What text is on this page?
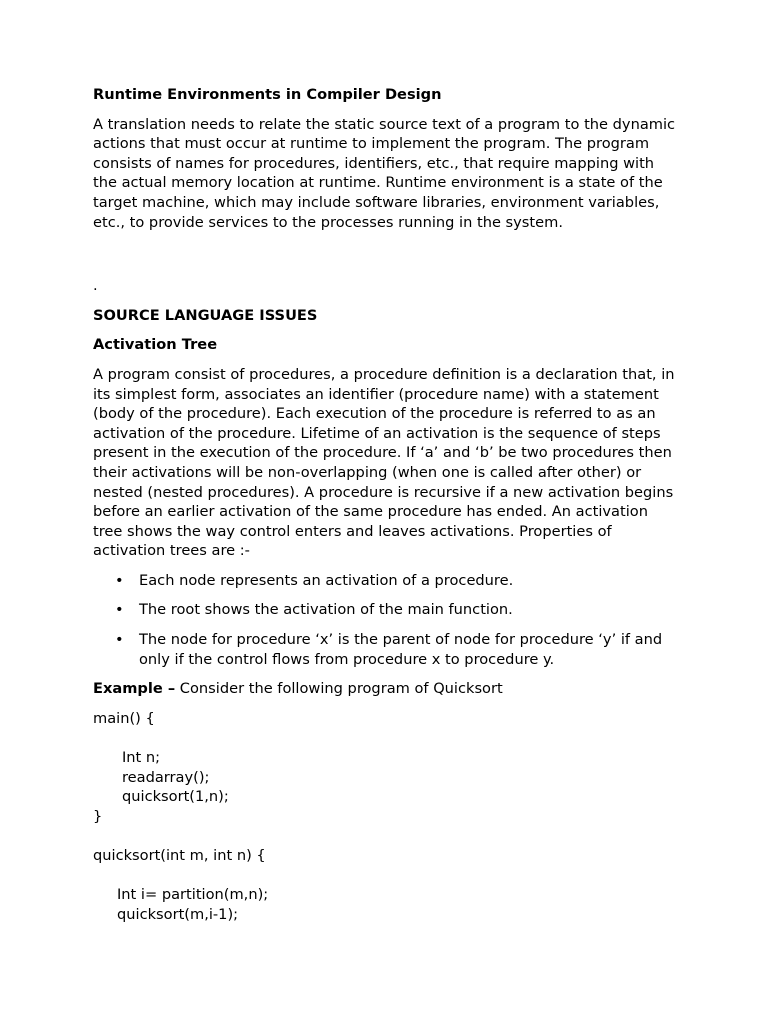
Runtime Environments in Compiler Design

A translation needs to relate the static source text of a program to the dynamic actions that must occur at runtime to implement the program. The program consists of names for procedures, identifiers, etc., that require mapping with the actual memory location at runtime. Runtime environment is a state of the target machine, which may include software libraries, environment variables, etc., to provide services to the processes running in the system.

.
SOURCE LANGUAGE ISSUES
Activation Tree

A program consist of procedures, a procedure definition is a declaration that, in its simplest form, associates an identifier (procedure name) with a statement (body of the procedure). Each execution of the procedure is referred to as an activation of the procedure. Lifetime of an activation is the sequence of steps present in the execution of the procedure. If ‘a’ and ‘b’ be two procedures then their activations will be non-overlapping (when one is called after other) or nested (nested procedures). A procedure is recursive if a new activation begins before an earlier activation of the same procedure has ended. An activation tree shows the way control enters and leaves activations. Properties of activation trees are :-

• Each node represents an activation of a procedure.
• The root shows the activation of the main function.
• The node for procedure ‘x’ is the parent of node for procedure ‘y’ if and only if the control flows from procedure x to procedure y.

Example – Consider the following program of Quicksort

main() {
Int n;
readarray();
quicksort(1,n);
}
quicksort(int m, int n) {
Int i= partition(m,n);
quicksort(m,i-1);
